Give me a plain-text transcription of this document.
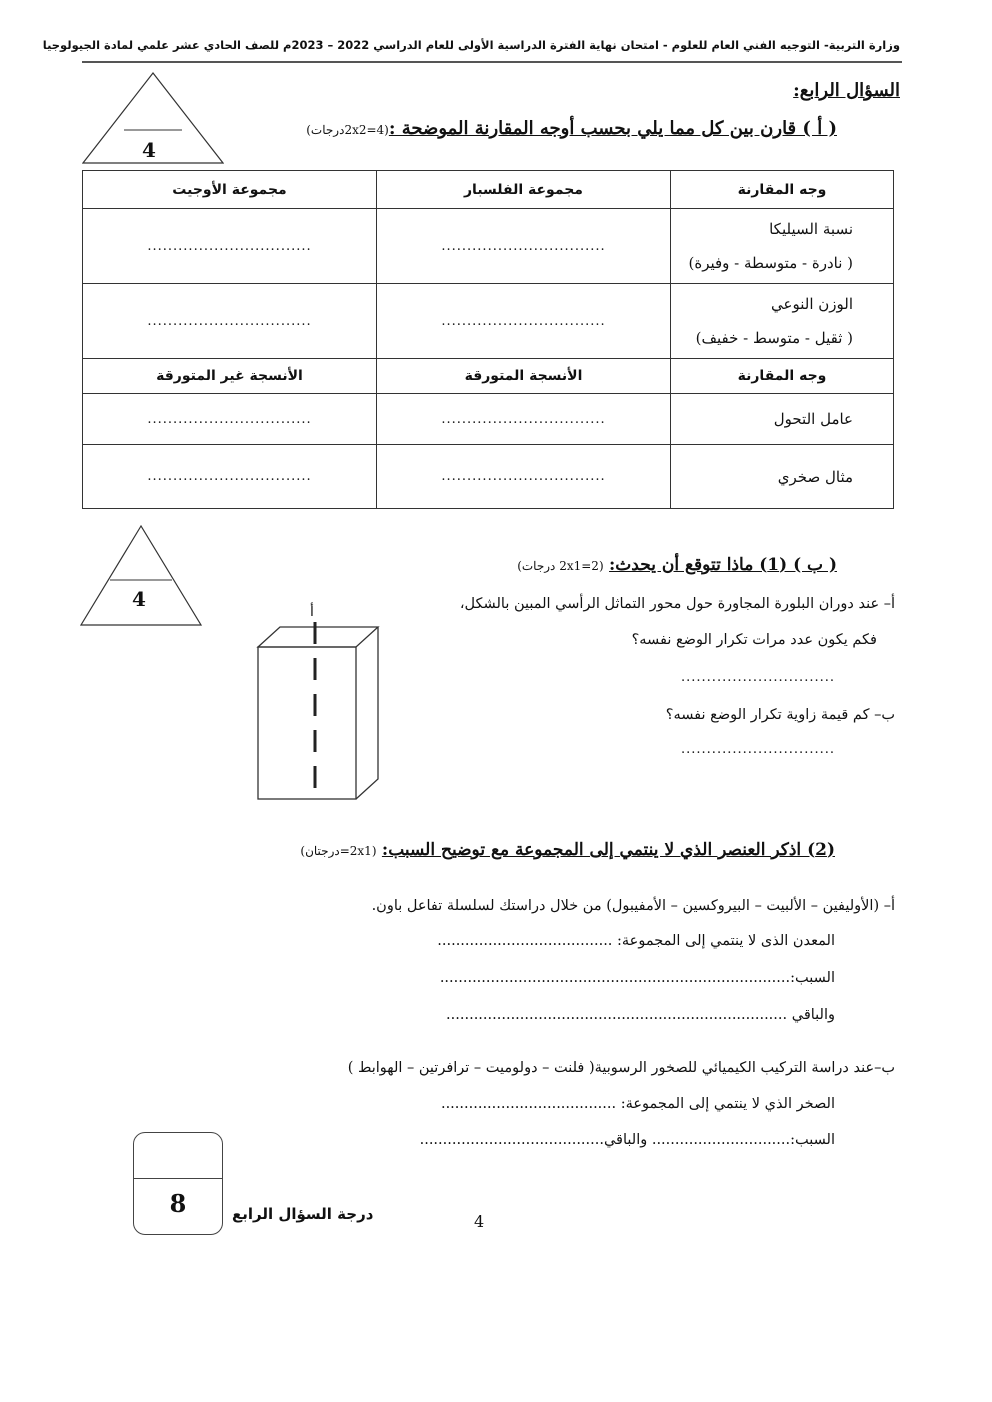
وزارة التربية- التوجيه الفني العام للعلوم - امتحان نهاية الفترة الدراسية الأولى للعام الدراسي 2022 – 2023م للصف الحادي عشر علمي لمادة الجيولوجيا
4
السؤال الرابع:
( أ ) قارن بين كل مما يلي بحسب أوجه المقارنة الموضحة :(2x2=4درجات)
وجه المقارنة	مجموعة الفلسبار	مجموعة الأوجيت

نسبة السيليكا
( نادرة - متوسطة - وفيرة)	................................	................................

الوزن النوعي
( ثقيل - متوسط - خفيف)	................................	................................
وجه المقارنة	الأنسجة المتورقة	الأنسجة غير المتورقة
عامل التحول	................................	................................
مثال صخري	................................	................................
4
( ب ) (1) ماذا تتوقع أن يحدث: (2x1=2 درجات)
أ– عند دوران البلورة المجاورة حول محور التماثل الرأسي المبين بالشكل،
فكم يكون عدد مرات تكرار الوضع نفسه؟
..............................
ب– كم قيمة زاوية تكرار الوضع نفسه؟
..............................
أ
(2) اذكر العنصر الذي لا ينتمي إلى المجموعة مع توضيح السبب: (2x1=درجتان)
أ– (الأوليفين – الألبيت – البيروكسين – الأمفيبول) من خلال دراستك لسلسلة تفاعل باون.
المعدن الذى لا ينتمي إلى المجموعة: ......................................
السبب:............................................................................
والباقي ..........................................................................
ب–عند دراسة التركيب الكيميائي للصخور الرسوبية( فلنت – دولوميت – ترافرتين – الهوابط )
الصخر الذي لا ينتمي إلى المجموعة: ......................................
السبب:.............................. والباقي........................................
8	درجة السؤال الرابع	4
